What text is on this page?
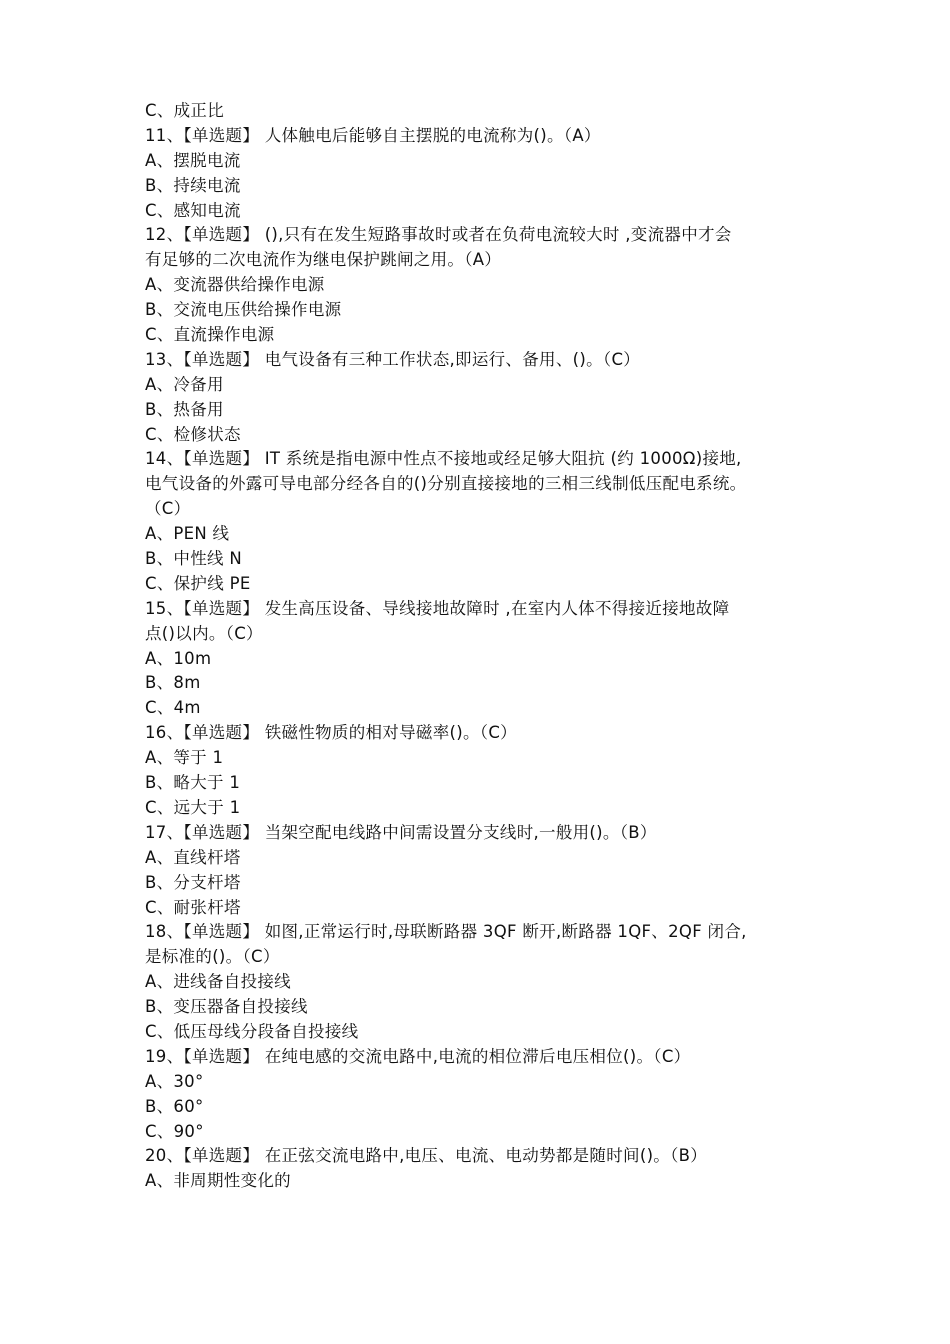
C、成正比
11、【单选题】 人体触电后能够自主摆脱的电流称为()。（A）
A、摆脱电流
B、持续电流
C、感知电流
12、【单选题】 (),只有在发生短路事故时或者在负荷电流较大时 ,变流器中才会
有足够的二次电流作为继电保护跳闸之用。（A）
A、变流器供给操作电源
B、交流电压供给操作电源
C、直流操作电源
13、【单选题】 电气设备有三种工作状态,即运行、备用、()。（C）
A、冷备用
B、热备用
C、检修状态
14、【单选题】 IT 系统是指电源中性点不接地或经足够大阻抗 (约 1000Ω)接地,
电气设备的外露可导电部分经各自的()分别直接接地的三相三线制低压配电系统。
（C）
A、PEN 线
B、中性线 N
C、保护线 PE
15、【单选题】 发生高压设备、导线接地故障时 ,在室内人体不得接近接地故障
点()以内。（C）
A、10m
B、8m
C、4m
16、【单选题】 铁磁性物质的相对导磁率()。（C）
A、等于 1
B、略大于 1
C、远大于 1
17、【单选题】 当架空配电线路中间需设置分支线时,一般用()。（B）
A、直线杆塔
B、分支杆塔
C、耐张杆塔
18、【单选题】 如图,正常运行时,母联断路器 3QF 断开,断路器 1QF、2QF 闭合,
是标准的()。（C）
A、进线备自投接线
B、变压器备自投接线
C、低压母线分段备自投接线
19、【单选题】 在纯电感的交流电路中,电流的相位滞后电压相位()。（C）
A、30°
B、60°
C、90°
20、【单选题】 在正弦交流电路中,电压、电流、电动势都是随时间()。（B）
A、非周期性变化的
